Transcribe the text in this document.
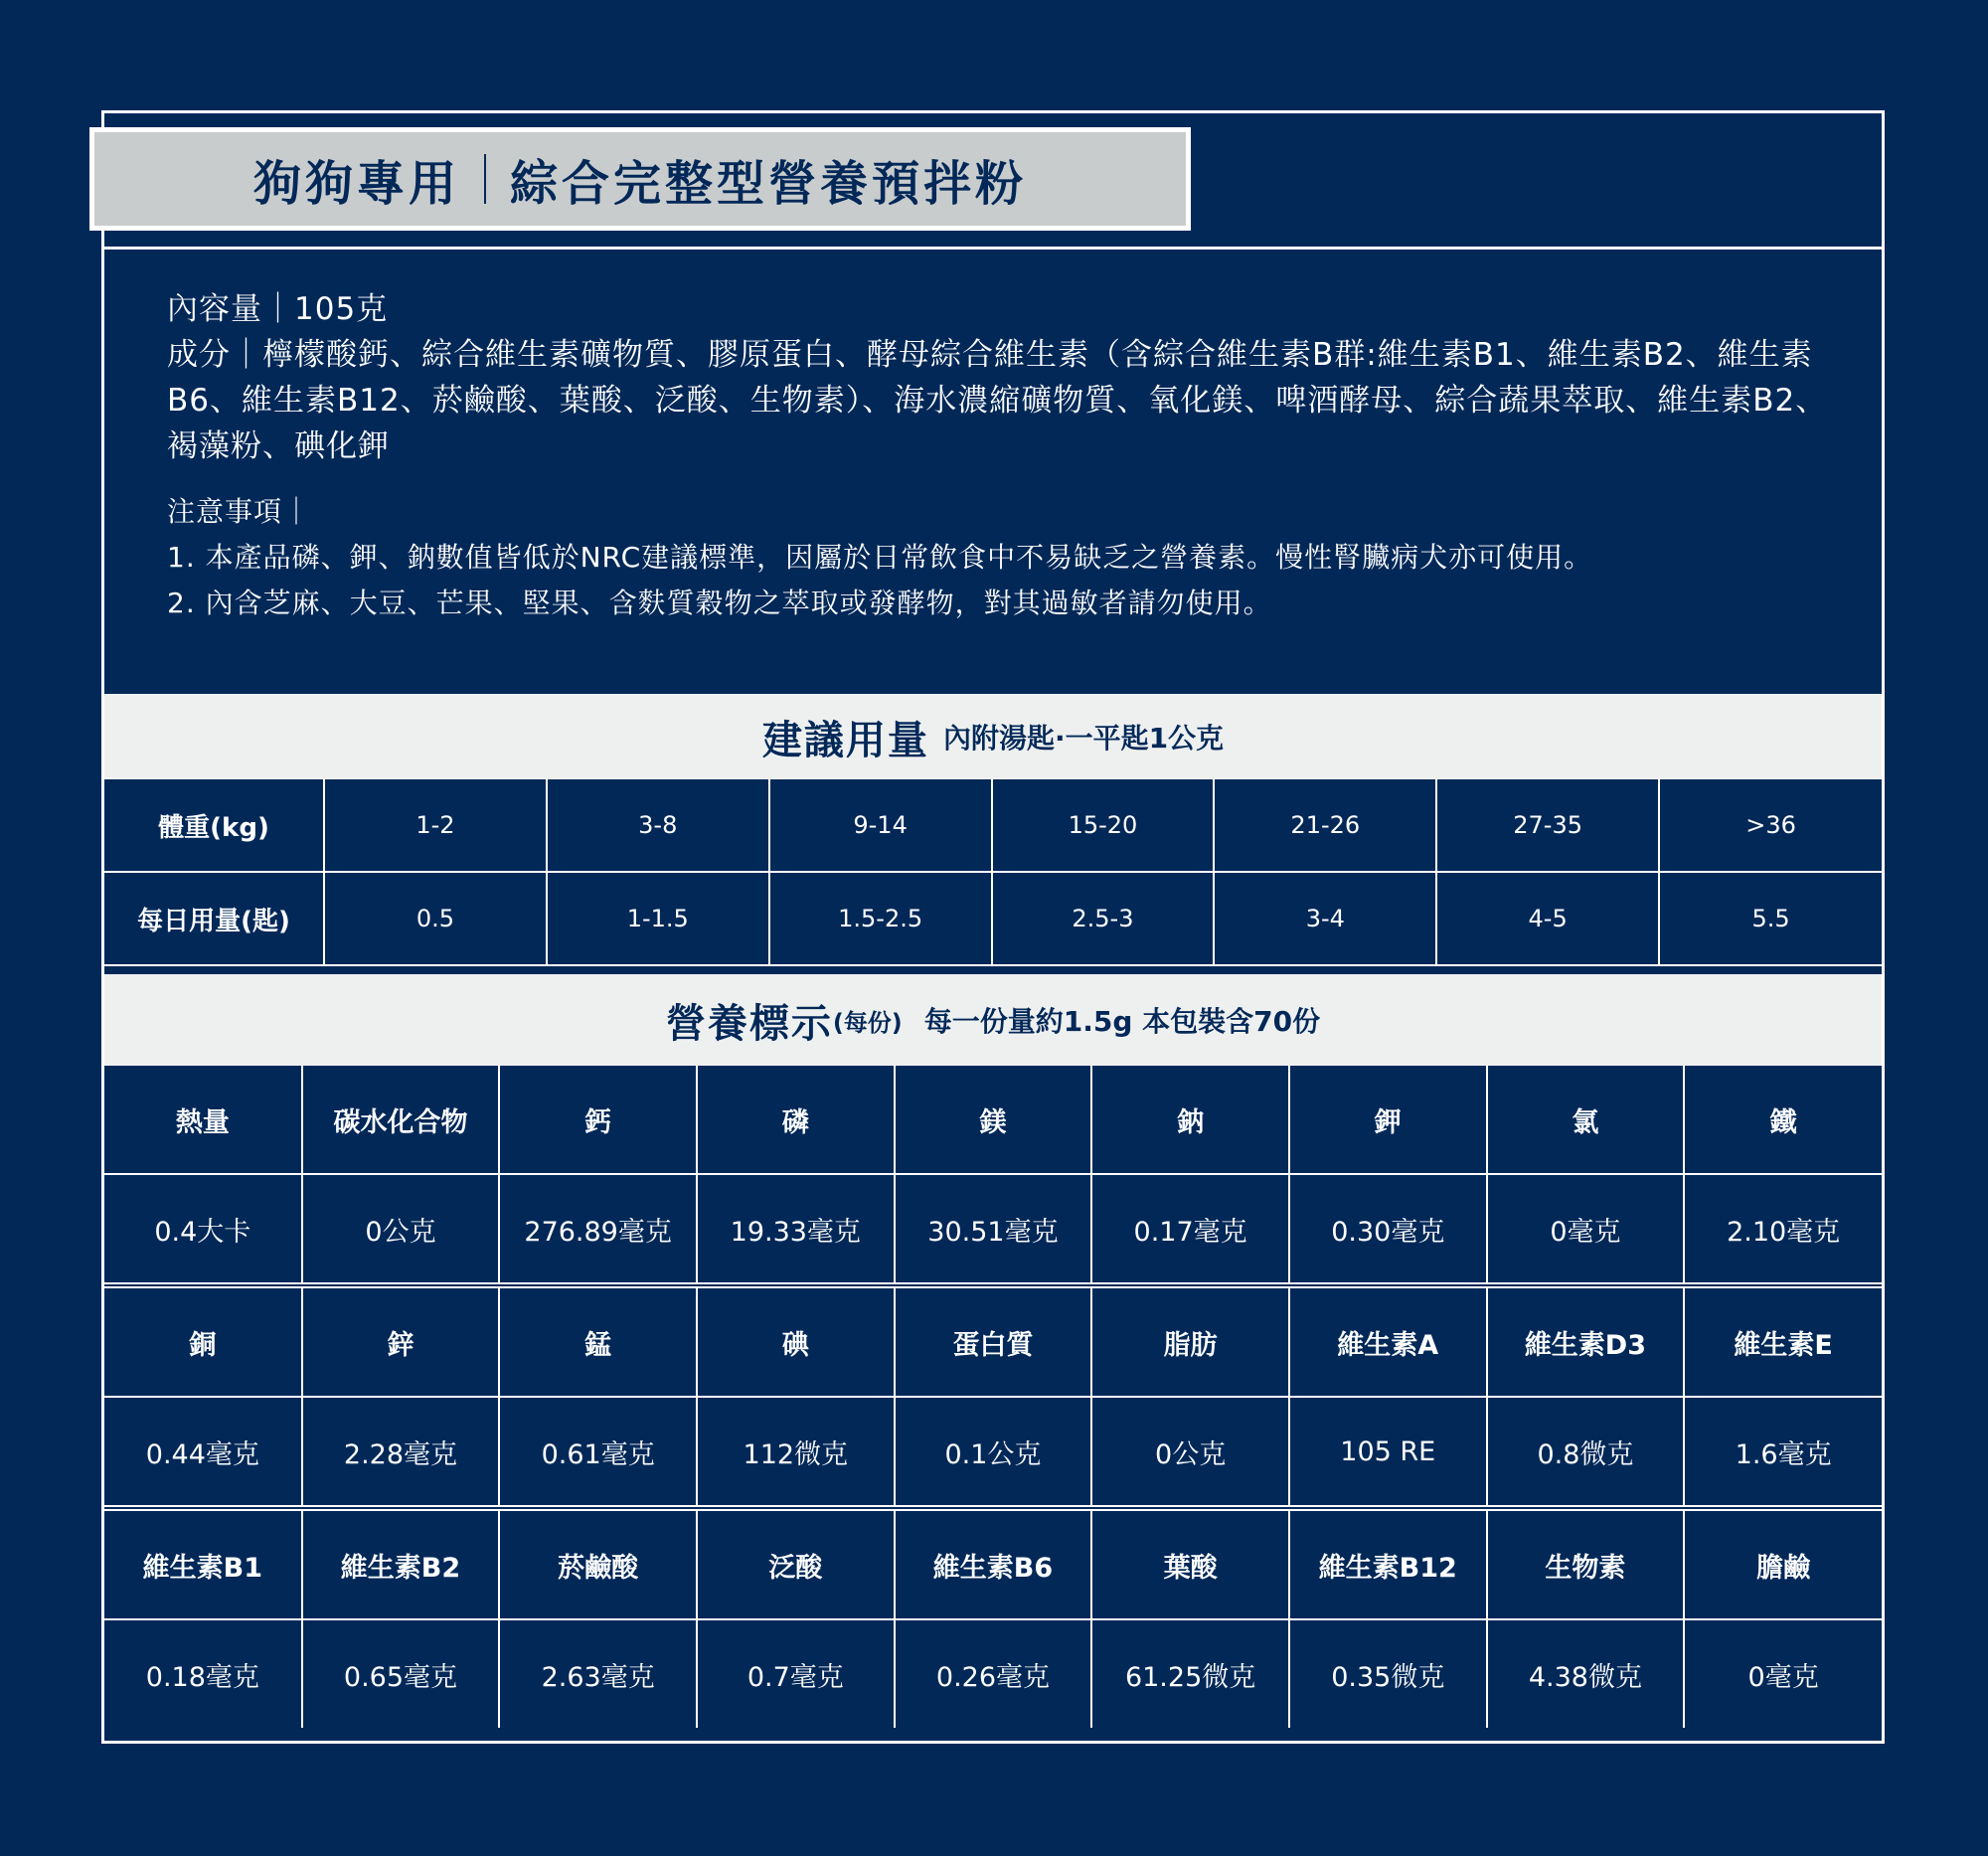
狗狗專用 綜合完整型營養預拌粉

內容量｜105克

成分｜檸檬酸鈣、綜合維生素礦物質、膠原蛋白、酵母綜合維生素（含綜合維生素B群:維生素B1、維生素B2、維生素B6、維生素B12、菸鹼酸、葉酸、泛酸、生物素）、海水濃縮礦物質、氧化鎂、啤酒酵母、綜合蔬果萃取、維生素B2、褐藻粉、碘化鉀

注意事項｜

1. 本產品磷、鉀、鈉數值皆低於NRC建議標準，因屬於日常飲食中不易缺乏之營養素。慢性腎臟病犬亦可使用。

2. 內含芝麻、大豆、芒果、堅果、含麩質穀物之萃取或發酵物，對其過敏者請勿使用。

建議用量 內附湯匙·一平匙1公克
體重(kg)	1-2	3-8	9-14	15-20	21-26	27-35	>36
每日用量(匙)	0.5	1-1.5	1.5-2.5	2.5-3	3-4	4-5	5.5
營養標示 (每份) 每一份量約1.5g 本包裝含70份
熱量	碳水化合物	鈣	磷	鎂	鈉	鉀	氯	鐵
0.4大卡	0公克	276.89毫克	19.33毫克	30.51毫克	0.17毫克	0.30毫克	0毫克	2.10毫克
銅	鋅	錳	碘	蛋白質	脂肪	維生素A	維生素D3	維生素E
0.44毫克	2.28毫克	0.61毫克	112微克	0.1公克	0公克	105 RE	0.8微克	1.6毫克
維生素B1	維生素B2	菸鹼酸	泛酸	維生素B6	葉酸	維生素B12	生物素	膽鹼
0.18毫克	0.65毫克	2.63毫克	0.7毫克	0.26毫克	61.25微克	0.35微克	4.38微克	0毫克
